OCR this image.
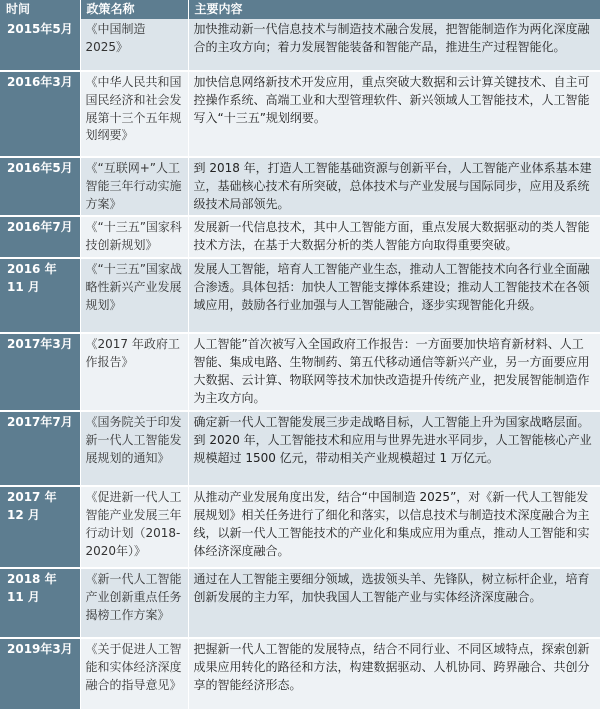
时间	政策名称	主要内容
2015年5月	《中国制造 2025》	加快推动新一代信息技术与制造技术融合发展，把智能制造作为两化深度融合的主攻方向；着力发展智能装备和智能产品，推进生产过程智能化。
2016年3月	《中华人民共和国国民经济和社会发展第十三个五年规划纲要》	加快信息网络新技术开发应用，重点突破大数据和云计算关键技术、自主可控操作系统、高端工业和大型管理软件、新兴领域人工智能技术，人工智能写入“十三五”规划纲要。
2016年5月	《“互联网+”人工智能三年行动实施方案》	到 2018 年，打造人工智能基础资源与创新平台，人工智能产业体系基本建立，基础核心技术有所突破，总体技术与产业发展与国际同步，应用及系统级技术局部领先。
2016年7月	《“十三五”国家科技创新规划》	发展新一代信息技术，其中人工智能方面，重点发展大数据驱动的类人智能技术方法，在基于大数据分析的类人智能方向取得重要突破。
2016 年 11 月	《“十三五”国家战略性新兴产业发展规划》	发展人工智能，培育人工智能产业生态，推动人工智能技术向各行业全面融合渗透。具体包括：加快人工智能支撑体系建设；推动人工智能技术在各领域应用，鼓励各行业加强与人工智能融合，逐步实现智能化升级。
2017年3月	《2017 年政府工作报告》	人工智能”首次被写入全国政府工作报告：一方面要加快培育新材料、人工智能、集成电路、生物制药、第五代移动通信等新兴产业，另一方面要应用大数据、云计算、物联网等技术加快改造提升传统产业，把发展智能制造作为主攻方向。
2017年7月	《国务院关于印发新一代人工智能发展规划的通知》	确定新一代人工智能发展三步走战略目标，人工智能上升为国家战略层面。到 2020 年，人工智能技术和应用与世界先进水平同步，人工智能核心产业规模超过 1500 亿元，带动相关产业规模超过 1 万亿元。
2017 年 12 月	《促进新一代人工智能产业发展三年行动计划（2018-2020年）》	从推动产业发展角度出发，结合“中国制造 2025”，对《新一代人工智能发展规划》相关任务进行了细化和落实，以信息技术与制造技术深度融合为主线，以新一代人工智能技术的产业化和集成应用为重点，推动人工智能和实体经济深度融合。
2018 年 11 月	《新一代人工智能产业创新重点任务揭榜工作方案》	通过在人工智能主要细分领域，选拔领头羊、先锋队，树立标杆企业，培育创新发展的主力军，加快我国人工智能产业与实体经济深度融合。
2019年3月	《关于促进人工智能和实体经济深度融合的指导意见》	把握新一代人工智能的发展特点，结合不同行业、不同区域特点，探索创新成果应用转化的路径和方法，构建数据驱动、人机协同、跨界融合、共创分享的智能经济形态。
